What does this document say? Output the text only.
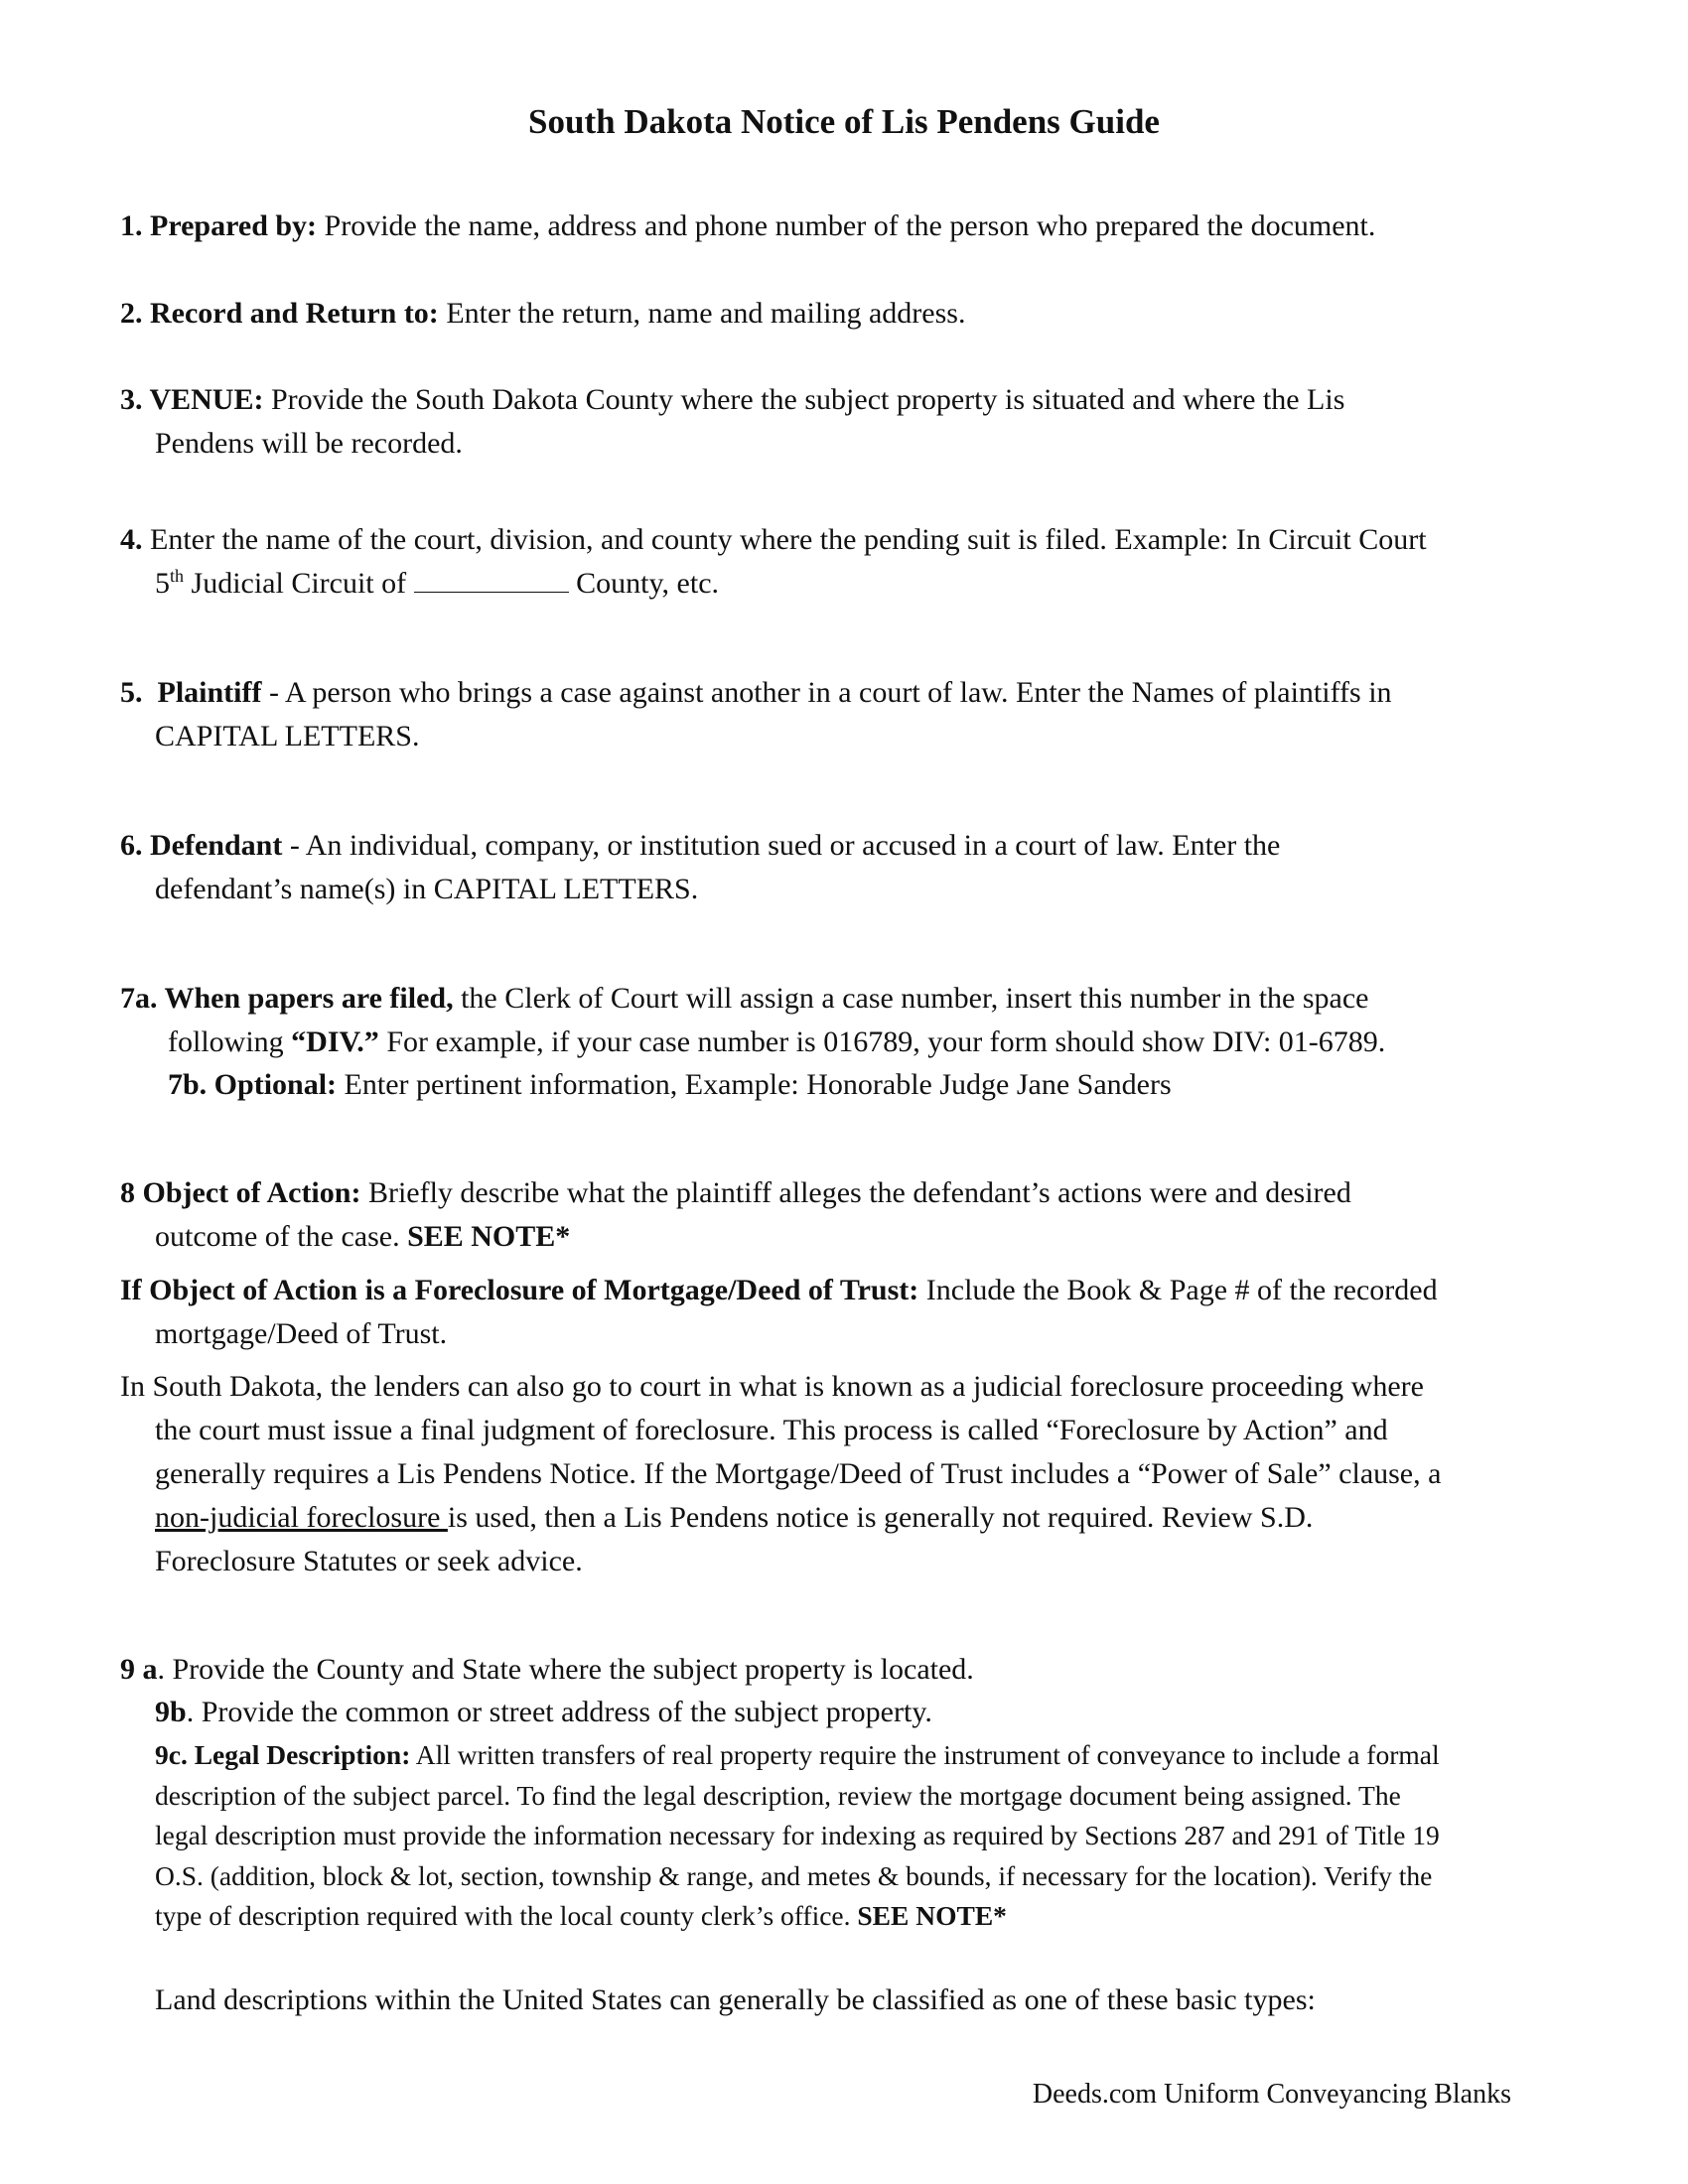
South Dakota Notice of Lis Pendens Guide
1. Prepared by: Provide the name, address and phone number of the person who prepared the document.
2. Record and Return to: Enter the return, name and mailing address.
3. VENUE: Provide the South Dakota County where the subject property is situated and where the Lis
Pendens will be recorded.
4. Enter the name of the court, division, and county where the pending suit is filed. Example: In Circuit Court
5th Judicial Circuit of	County, etc.
5.  Plaintiff - A person who brings a case against another in a court of law. Enter the Names of plaintiffs in
CAPITAL LETTERS.
6. Defendant - An individual, company, or institution sued or accused in a court of law. Enter the
defendant’s name(s) in CAPITAL LETTERS.
7a. When papers are filed, the Clerk of Court will assign a case number, insert this number in the space
following “DIV.” For example, if your case number is 016789, your form should show DIV: 01-6789.
7b. Optional: Enter pertinent information, Example: Honorable Judge Jane Sanders
8 Object of Action: Briefly describe what the plaintiff alleges the defendant’s actions were and desired
outcome of the case. SEE NOTE*
If Object of Action is a Foreclosure of Mortgage/Deed of Trust: Include the Book & Page # of the recorded
mortgage/Deed of Trust.
In South Dakota, the lenders can also go to court in what is known as a judicial foreclosure proceeding where
the court must issue a final judgment of foreclosure. This process is called “Foreclosure by Action” and
generally requires a Lis Pendens Notice. If the Mortgage/Deed of Trust includes a “Power of Sale” clause, a
non-judicial foreclosure is used, then a Lis Pendens notice is generally not required. Review S.D.
Foreclosure Statutes or seek advice.
9 a. Provide the County and State where the subject property is located.
9b. Provide the common or street address of the subject property.
9c. Legal Description: All written transfers of real property require the instrument of conveyance to include a formal
description of the subject parcel. To find the legal description, review the mortgage document being assigned. The
legal description must provide the information necessary for indexing as required by Sections 287 and 291 of Title 19
O.S. (addition, block & lot, section, township & range, and metes & bounds, if necessary for the location). Verify the
type of description required with the local county clerk’s office. SEE NOTE*
Land descriptions within the United States can generally be classified as one of these basic types:
Deeds.com Uniform Conveyancing Blanks
